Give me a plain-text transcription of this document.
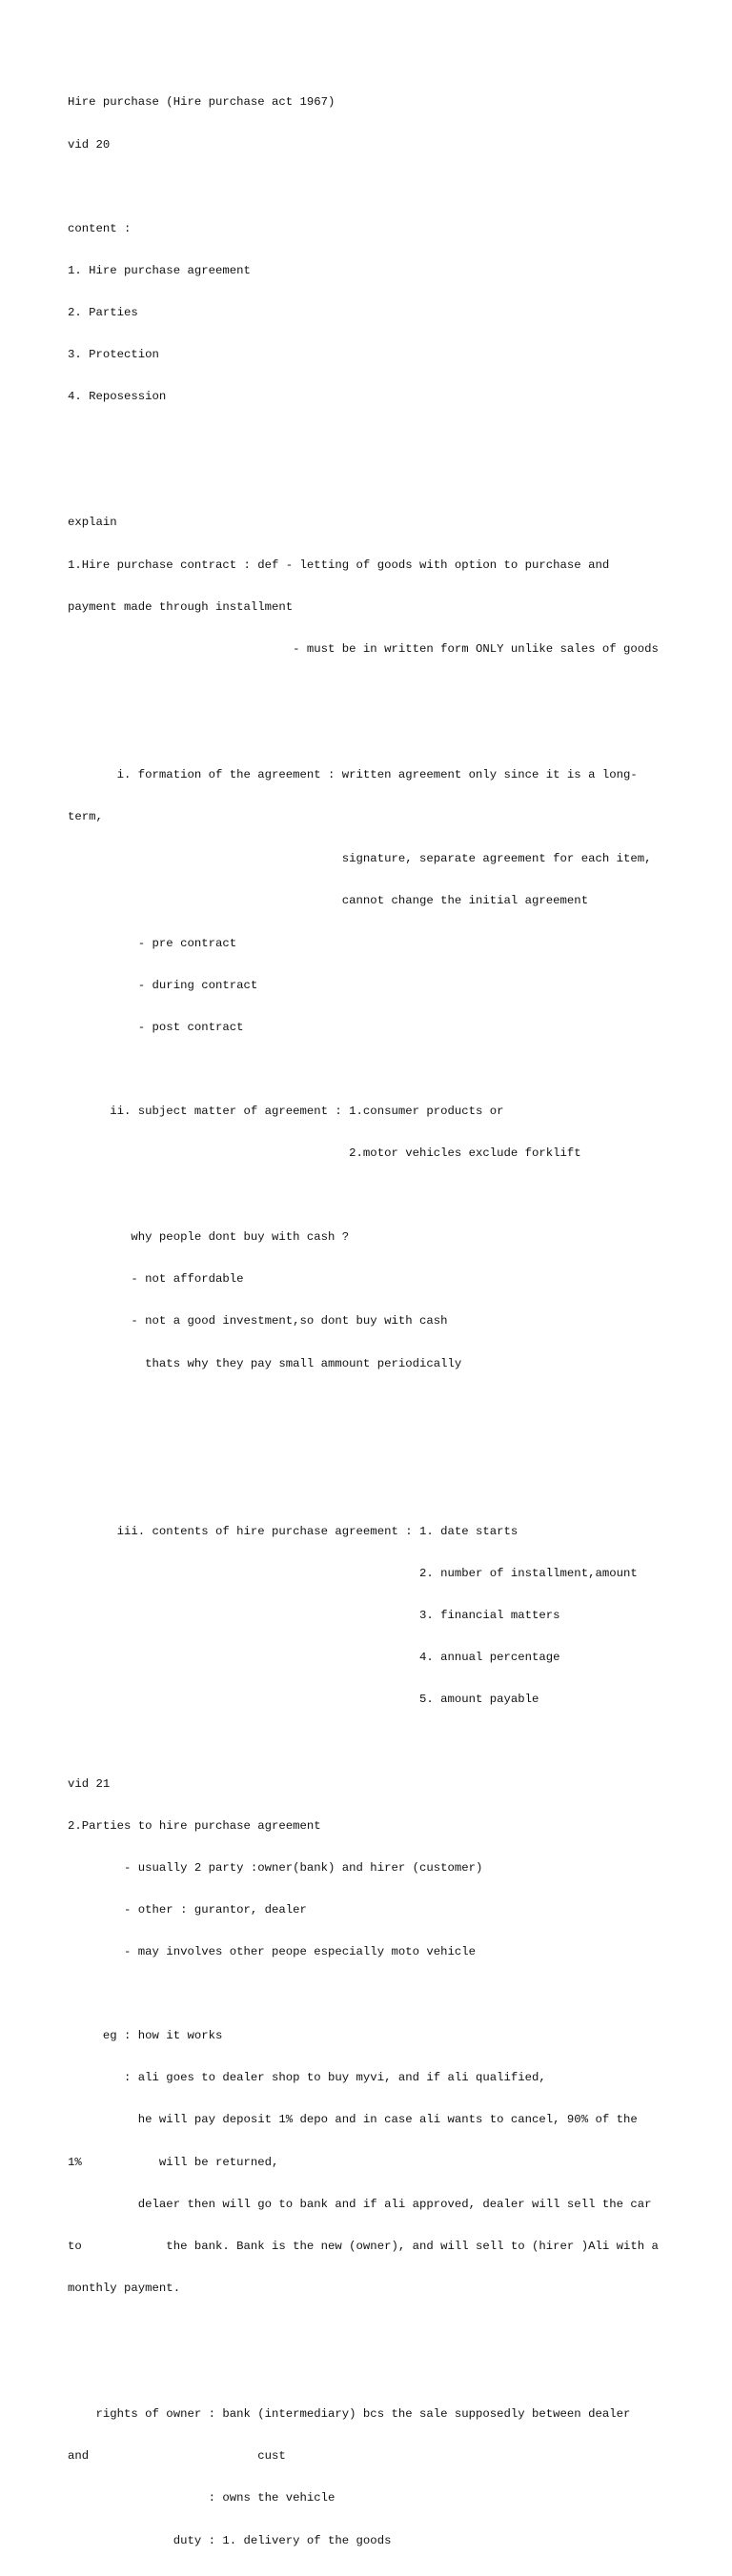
Hire purchase (Hire purchase act 1967)

vid 20

content :

1. Hire purchase agreement

2. Parties

3. Protection

4. Reposession

explain

1.Hire purchase contract : def - letting of goods with option to purchase and

payment made through installment

- must be in written form ONLY unlike sales of goods

i. formation of the agreement : written agreement only since it is a long-

term,

signature, separate agreement for each item,

cannot change the initial agreement

- pre contract

- during contract

- post contract

ii. subject matter of agreement : 1.consumer products or

2.motor vehicles exclude forklift

why people dont buy with cash ?

- not affordable

- not a good investment,so dont buy with cash

thats why they pay small ammount periodically

iii. contents of hire purchase agreement : 1. date starts

2. number of installment,amount

3. financial matters

4. annual percentage

5. amount payable

vid 21

2.Parties to hire purchase agreement

- usually 2 party :owner(bank) and hirer (customer)

- other : gurantor, dealer

- may involves other peope especially moto vehicle

eg : how it works

: ali goes to dealer shop to buy myvi, and if ali qualified,

he will pay deposit 1% depo and in case ali wants to cancel, 90% of the

1%           will be returned,

delaer then will go to bank and if ali approved, dealer will sell the car

to            the bank. Bank is the new (owner), and will sell to (hirer )Ali with a

monthly payment.

rights of owner : bank (intermediary) bcs the sale supposedly between dealer

and                        cust

: owns the vehicle

duty : 1. delivery of the goods
